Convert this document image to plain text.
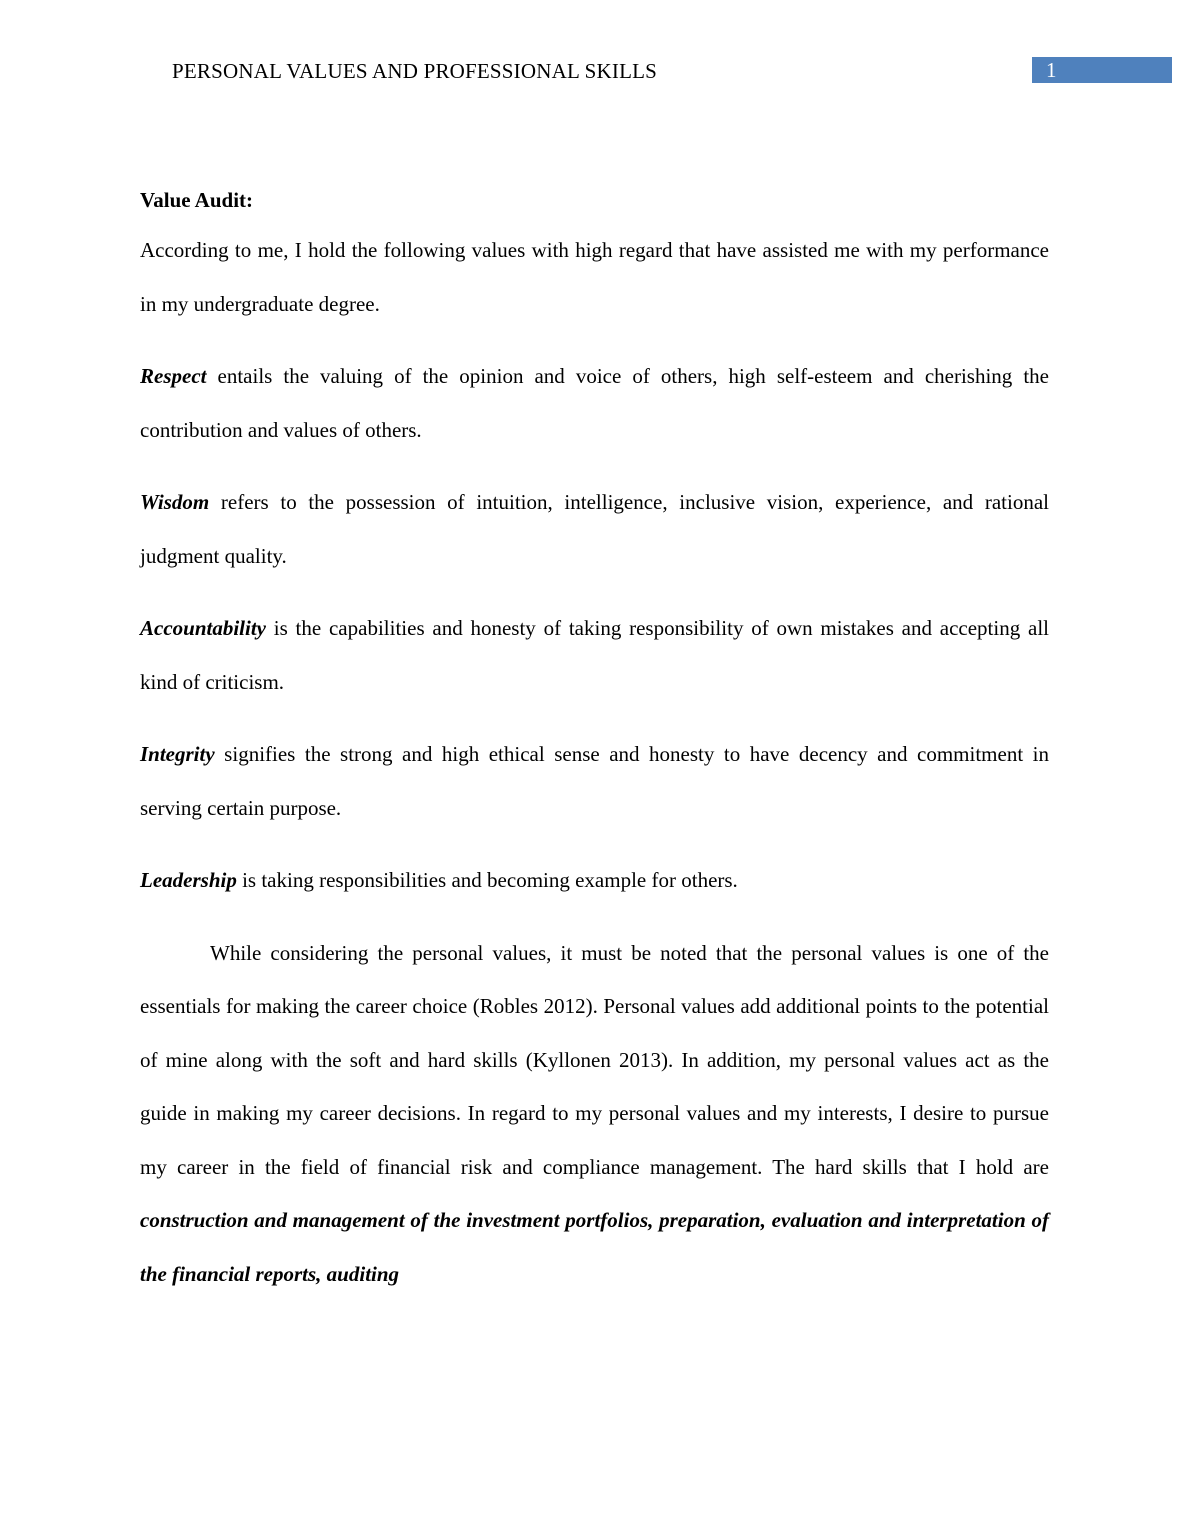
PERSONAL VALUES AND PROFESSIONAL SKILLS	1
Value Audit:

According to me, I hold the following values with high regard that have assisted me with my performance in my undergraduate degree.

Respect entails the valuing of the opinion and voice of others, high self-esteem and cherishing the contribution and values of others.

Wisdom refers to the possession of intuition, intelligence, inclusive vision, experience, and rational judgment quality.

Accountability is the capabilities and honesty of taking responsibility of own mistakes and accepting all kind of criticism.

Integrity signifies the strong and high ethical sense and honesty to have decency and commitment in serving certain purpose.

Leadership is taking responsibilities and becoming example for others.

While considering the personal values, it must be noted that the personal values is one of the essentials for making the career choice (Robles 2012). Personal values add additional points to the potential of mine along with the soft and hard skills (Kyllonen 2013). In addition, my personal values act as the guide in making my career decisions. In regard to my personal values and my interests, I desire to pursue my career in the field of financial risk and compliance management. The hard skills that I hold are construction and management of the investment portfolios, preparation, evaluation and interpretation of the financial reports, auditing
